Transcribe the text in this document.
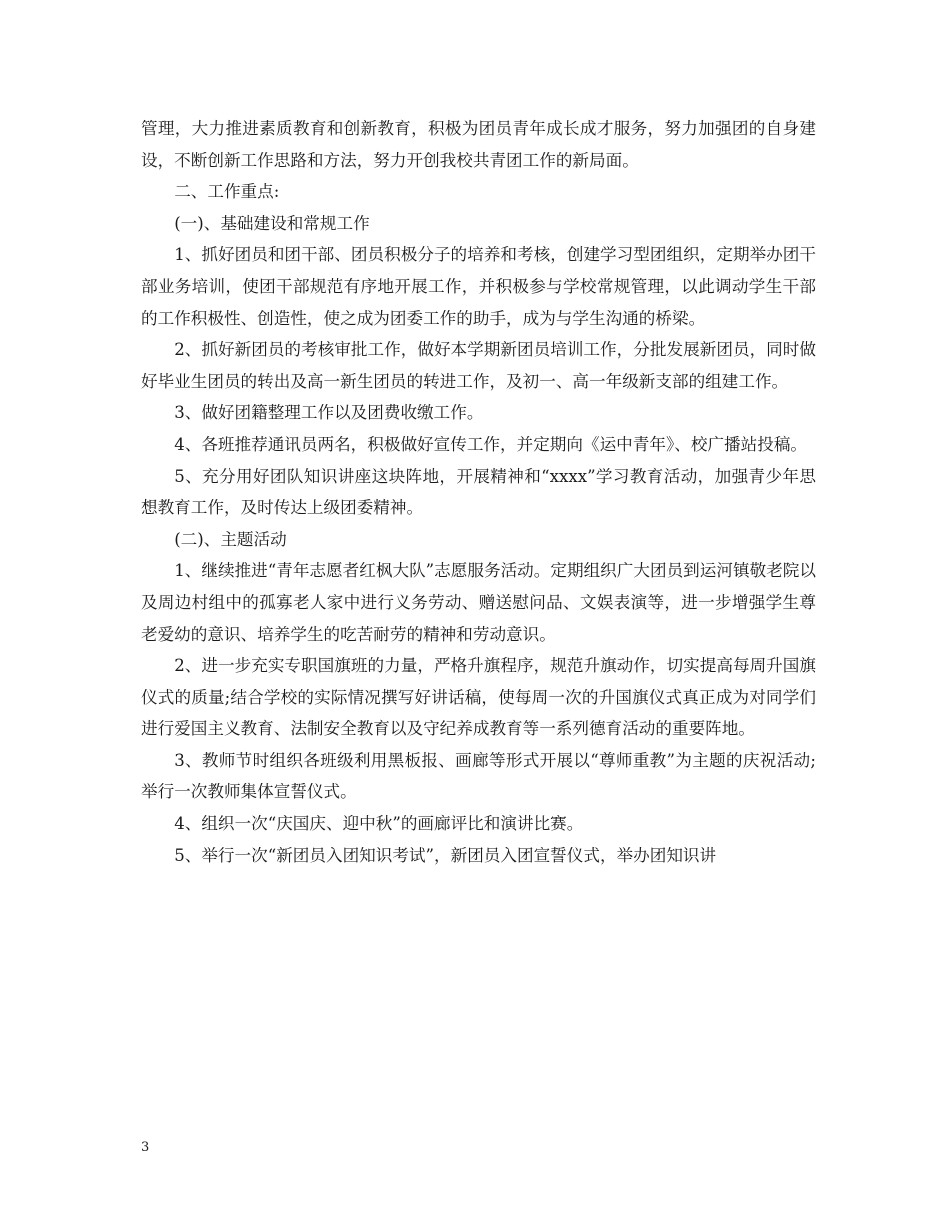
管理，大力推进素质教育和创新教育，积极为团员青年成长成才服务，努力加强团的自身建设，不断创新工作思路和方法，努力开创我校共青团工作的新局面。

二、工作重点:

(一)、基础建设和常规工作

1、抓好团员和团干部、团员积极分子的培养和考核，创建学习型团组织，定期举办团干部业务培训，使团干部规范有序地开展工作，并积极参与学校常规管理，以此调动学生干部的工作积极性、创造性，使之成为团委工作的助手，成为与学生沟通的桥梁。

2、抓好新团员的考核审批工作，做好本学期新团员培训工作，分批发展新团员，同时做好毕业生团员的转出及高一新生团员的转进工作，及初一、高一年级新支部的组建工作。

3、做好团籍整理工作以及团费收缴工作。

4、各班推荐通讯员两名，积极做好宣传工作，并定期向《运中青年》、校广播站投稿。

5、充分用好团队知识讲座这块阵地，开展精神和“xxxx”学习教育活动，加强青少年思想教育工作，及时传达上级团委精神。

(二)、主题活动

1、继续推进“青年志愿者红枫大队”志愿服务活动。定期组织广大团员到运河镇敬老院以及周边村组中的孤寡老人家中进行义务劳动、赠送慰问品、文娱表演等，进一步增强学生尊老爱幼的意识、培养学生的吃苦耐劳的精神和劳动意识。

2、进一步充实专职国旗班的力量，严格升旗程序，规范升旗动作，切实提高每周升国旗仪式的质量;结合学校的实际情况撰写好讲话稿，使每周一次的升国旗仪式真正成为对同学们进行爱国主义教育、法制安全教育以及守纪养成教育等一系列德育活动的重要阵地。

3、教师节时组织各班级利用黑板报、画廊等形式开展以“尊师重教”为主题的庆祝活动;举行一次教师集体宣誓仪式。

4、组织一次“庆国庆、迎中秋”的画廊评比和演讲比赛。

5、举行一次“新团员入团知识考试”，新团员入团宣誓仪式，举办团知识讲

3
